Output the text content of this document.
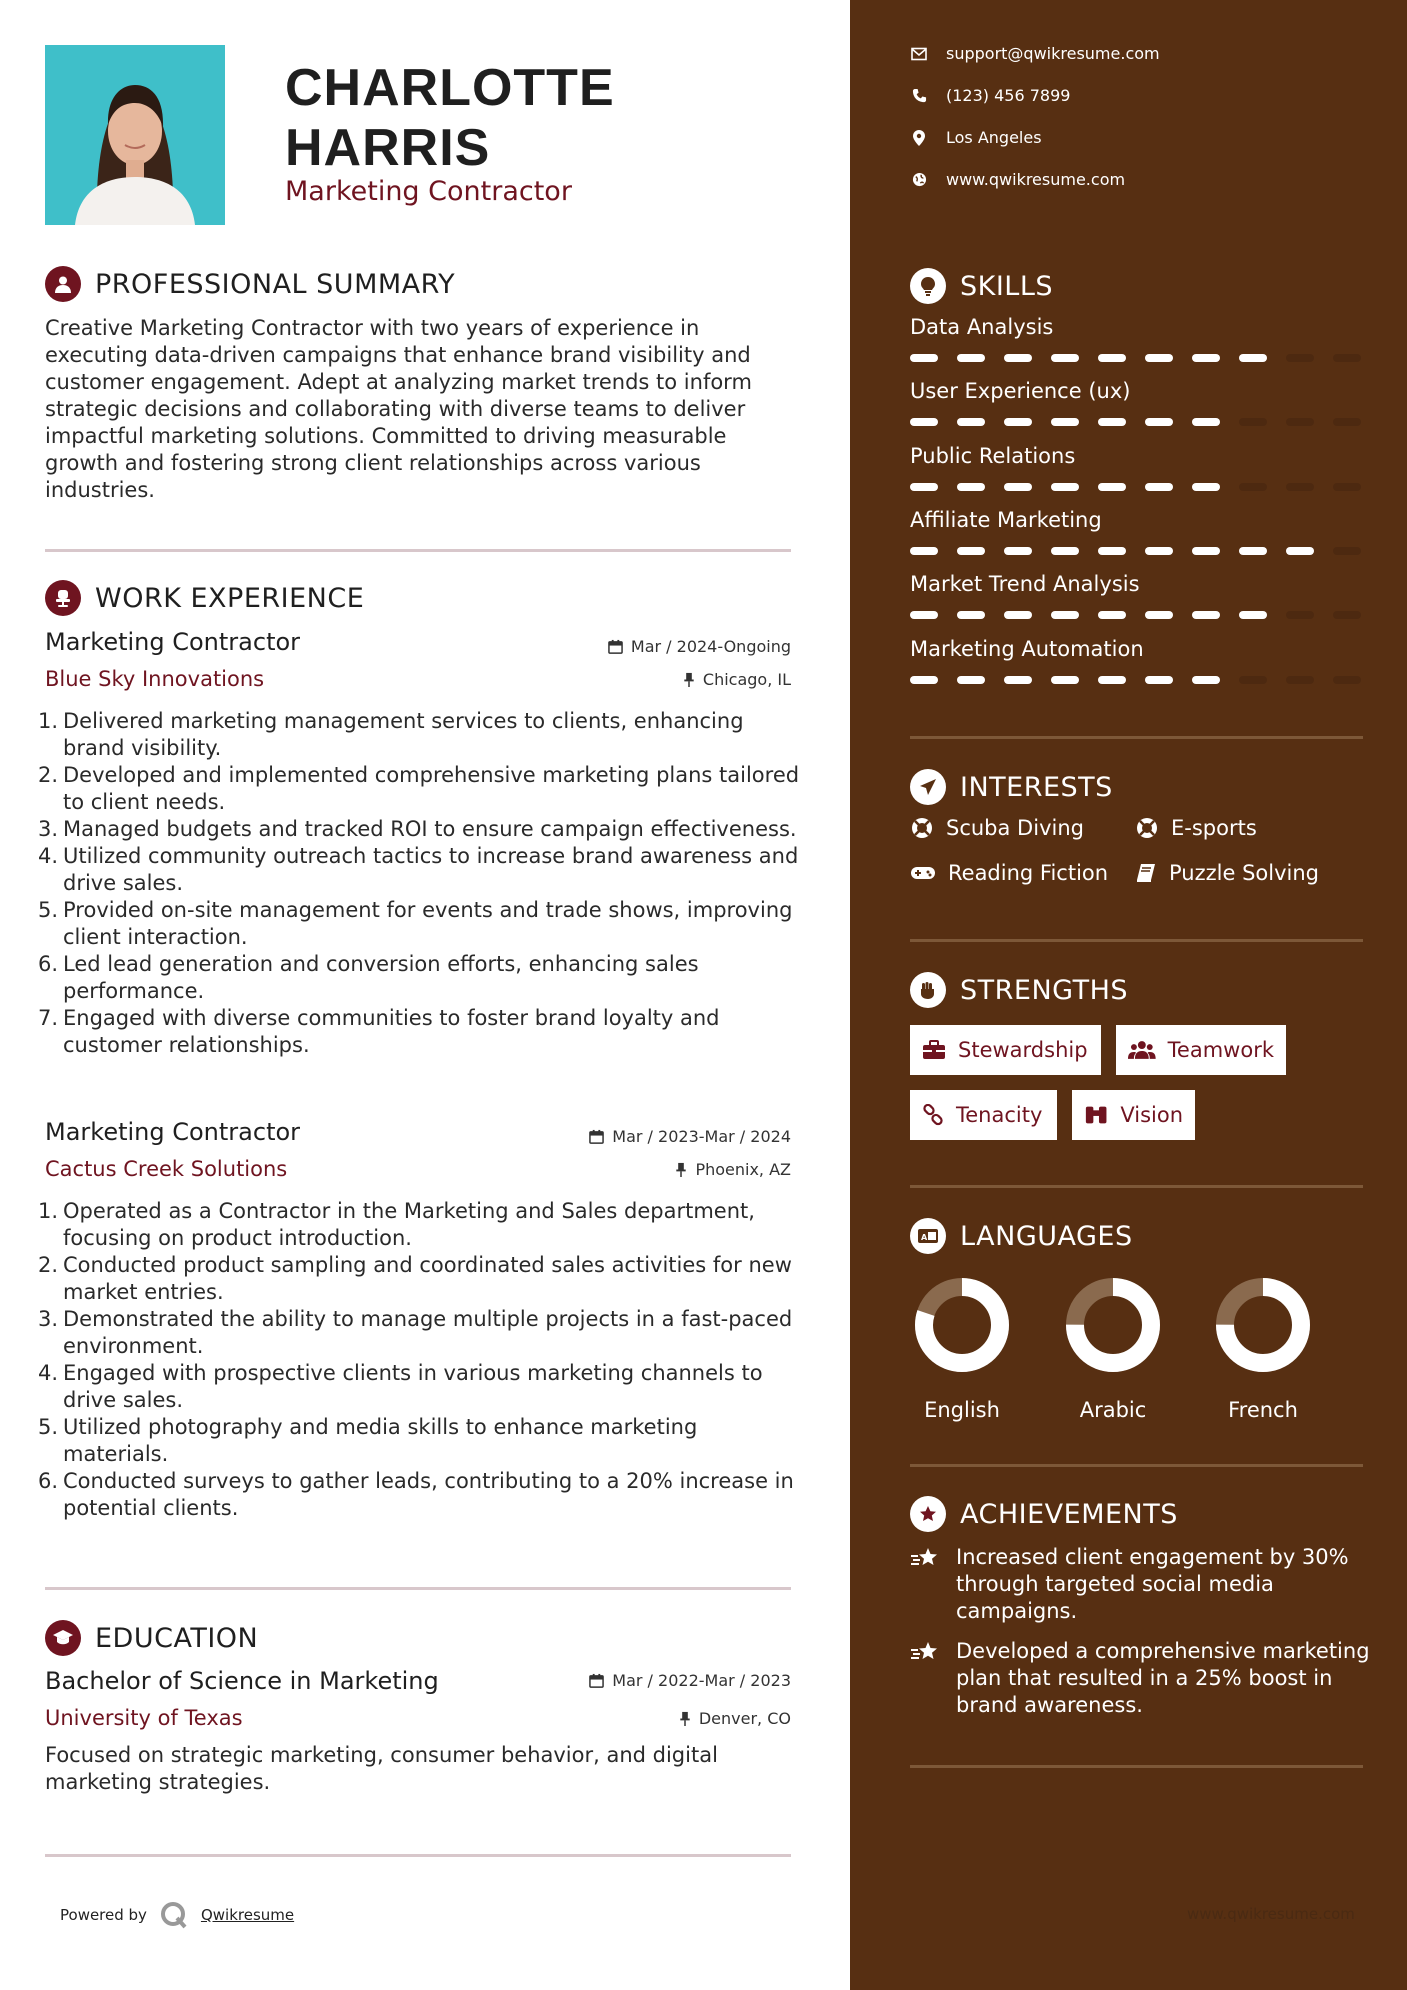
CHARLOTTE
HARRIS
Marketing Contractor
PROFESSIONAL SUMMARY
Creative Marketing Contractor with two years of experience in executing data-driven campaigns that enhance brand visibility and customer engagement. Adept at analyzing market trends to inform strategic decisions and collaborating with diverse teams to deliver impactful marketing solutions. Committed to driving measurable growth and fostering strong client relationships across various industries.
WORK EXPERIENCE
Marketing Contractor	Mar / 2024-Ongoing
Blue Sky Innovations	Chicago, IL
1. Delivered marketing management services to clients, enhancing brand visibility.
2. Developed and implemented comprehensive marketing plans tailored to client needs.
3. Managed budgets and tracked ROI to ensure campaign effectiveness.
4. Utilized community outreach tactics to increase brand awareness and drive sales.
5. Provided on-site management for events and trade shows, improving client interaction.
6. Led lead generation and conversion efforts, enhancing sales performance.
7. Engaged with diverse communities to foster brand loyalty and customer relationships.
Marketing Contractor	Mar / 2023-Mar / 2024
Cactus Creek Solutions	Phoenix, AZ
1. Operated as a Contractor in the Marketing and Sales department, focusing on product introduction.
2. Conducted product sampling and coordinated sales activities for new market entries.
3. Demonstrated the ability to manage multiple projects in a fast-paced environment.
4. Engaged with prospective clients in various marketing channels to drive sales.
5. Utilized photography and media skills to enhance marketing materials.
6. Conducted surveys to gather leads, contributing to a 20% increase in potential clients.
EDUCATION
Bachelor of Science in Marketing	Mar / 2022-Mar / 2023
University of Texas	Denver, CO
Focused on strategic marketing, consumer behavior, and digital marketing strategies.
Powered by	Qwikresume
support@qwikresume.com
(123) 456 7899
Los Angeles
www.qwikresume.com
SKILLS
Data Analysis
User Experience (ux)
Public Relations
Affiliate Marketing
Market Trend Analysis
Marketing Automation
INTERESTS
Scuba Diving	E-sports
Reading Fiction	Puzzle Solving
STRENGTHS
Stewardship	Teamwork
Tenacity	Vision
A LANGUAGES
English	Arabic	French
ACHIEVEMENTS
Increased client engagement by 30% through targeted social media campaigns.
Developed a comprehensive marketing plan that resulted in a 25% boost in brand awareness.
www.qwikresume.com
